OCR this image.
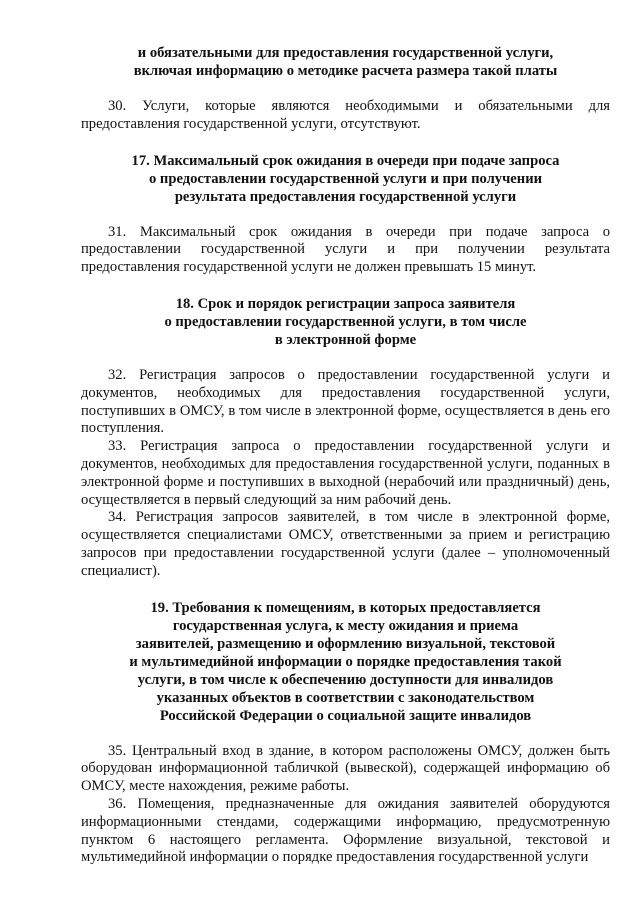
и обязательными для предоставления государственной услуги,
включая информацию о методике расчета размера такой платы

30. Услуги, которые являются необходимыми и обязательными для предоставления государственной услуги, отсутствуют.

17. Максимальный срок ожидания в очереди при подаче запроса
о предоставлении государственной услуги и при получении
результата предоставления государственной услуги

31. Максимальный срок ожидания в очереди при подаче запроса о предоставлении государственной услуги и при получении результата предоставления государственной услуги не должен превышать 15 минут.

18. Срок и порядок регистрации запроса заявителя
о предоставлении государственной услуги, в том числе
в электронной форме

32. Регистрация запросов о предоставлении государственной услуги и документов, необходимых для предоставления государственной услуги, поступивших в ОМСУ, в том числе в электронной форме, осуществляется в день его поступления.

33. Регистрация запроса о предоставлении государственной услуги и документов, необходимых для предоставления государственной услуги, поданных в электронной форме и поступивших в выходной (нерабочий или праздничный) день, осуществляется в первый следующий за ним рабочий день.

34. Регистрация запросов заявителей, в том числе в электронной форме, осуществляется специалистами ОМСУ, ответственными за прием и регистрацию запросов при предоставлении государственной услуги (далее – уполномоченный специалист).

19. Требования к помещениям, в которых предоставляется
государственная услуга, к месту ожидания и приема
заявителей, размещению и оформлению визуальной, текстовой
и мультимедийной информации о порядке предоставления такой
услуги, в том числе к обеспечению доступности для инвалидов
указанных объектов в соответствии с законодательством
Российской Федерации о социальной защите инвалидов

35. Центральный вход в здание, в котором расположены ОМСУ, должен быть оборудован информационной табличкой (вывеской), содержащей информацию об ОМСУ, месте нахождения, режиме работы.

36. Помещения, предназначенные для ожидания заявителей оборудуются информационными стендами, содержащими информацию, предусмотренную пунктом 6 настоящего регламента. Оформление визуальной, текстовой и мультимедийной информации о порядке предоставления государственной услуги
